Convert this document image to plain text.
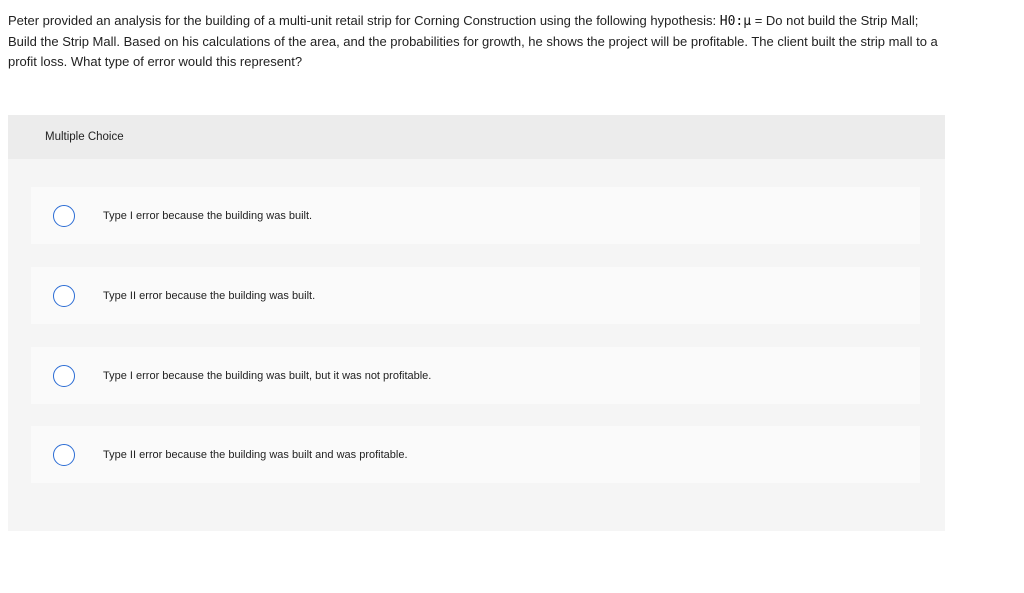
Peter provided an analysis for the building of a multi-unit retail strip for Corning Construction using the following hypothesis: H0:μ = Do not build the Strip Mall; Build the Strip Mall. Based on his calculations of the area, and the probabilities for growth, he shows the project will be profitable. The client built the strip mall to a profit loss. What type of error would this represent?
Multiple Choice
Type I error because the building was built.
Type II error because the building was built.
Type I error because the building was built, but it was not profitable.
Type II error because the building was built and was profitable.
